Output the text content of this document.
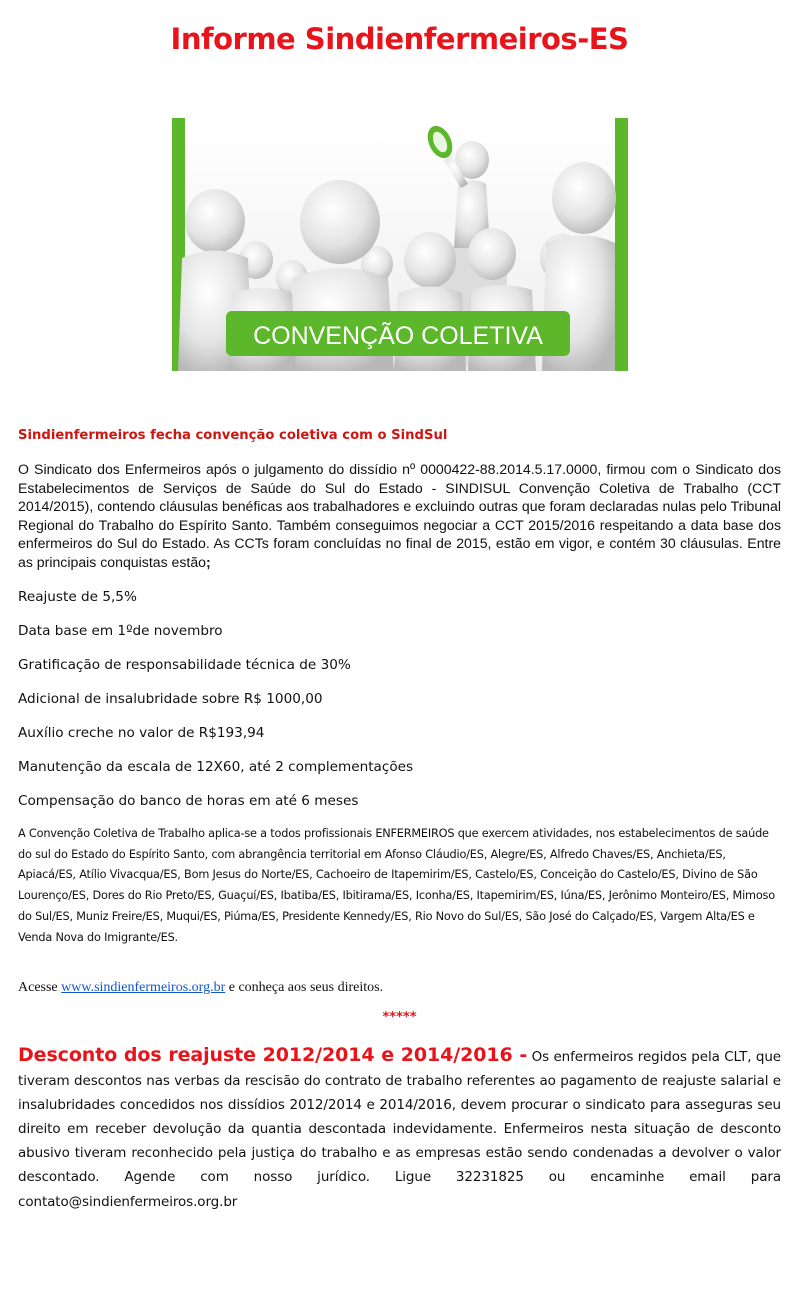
Informe Sindienfermeiros-ES
CONVENÇÃO COLETIVA
Sindienfermeiros fecha convenção coletiva com o SindSul
O Sindicato dos Enfermeiros após o julgamento do dissídio nº 0000422-88.2014.5.17.0000, firmou com o Sindicato dos Estabelecimentos de Serviços de Saúde do Sul do Estado - SINDISUL Convenção Coletiva de Trabalho (CCT 2014/2015), contendo cláusulas benéficas aos trabalhadores e excluindo outras que foram declaradas nulas pelo Tribunal Regional do Trabalho do Espírito Santo. Também conseguimos negociar a CCT 2015/2016 respeitando a data base dos enfermeiros do Sul do Estado. As CCTs foram concluídas no final de 2015, estão em vigor, e contém 30 cláusulas. Entre as principais conquistas estão;
Reajuste de 5,5%
Data base em 1ºde novembro
Gratificação de responsabilidade técnica de 30%
Adicional de insalubridade sobre R$ 1000,00
Auxílio creche no valor de R$193,94
Manutenção da escala de 12X60, até 2 complementações
Compensação do banco de horas em até 6 meses
A Convenção Coletiva de Trabalho aplica-se a todos profissionais ENFERMEIROS que exercem atividades, nos estabelecimentos de saúde do sul do Estado do Espírito Santo, com abrangência territorial em Afonso Cláudio/ES, Alegre/ES, Alfredo Chaves/ES, Anchieta/ES, Apiacá/ES, Atílio Vivacqua/ES, Bom Jesus do Norte/ES, Cachoeiro de Itapemirim/ES, Castelo/ES, Conceição do Castelo/ES, Divino de São Lourenço/ES, Dores do Rio Preto/ES, Guaçuí/ES, Ibatiba/ES, Ibitirama/ES, Iconha/ES, Itapemirim/ES, Iúna/ES, Jerônimo Monteiro/ES, Mimoso do Sul/ES, Muniz Freire/ES, Muqui/ES, Piúma/ES, Presidente Kennedy/ES, Rio Novo do Sul/ES, São José do Calçado/ES, Vargem Alta/ES e Venda Nova do Imigrante/ES.
Acesse www.sindienfermeiros.org.br e conheça aos seus direitos.
*****
Desconto dos reajuste 2012/2014 e 2014/2016 - Os enfermeiros regidos pela CLT, que tiveram descontos nas verbas da rescisão do contrato de trabalho referentes ao pagamento de reajuste salarial e insalubridades concedidos nos dissídios 2012/2014 e 2014/2016, devem procurar o sindicato para asseguras seu direito em receber devolução da quantia descontada indevidamente. Enfermeiros nesta situação de desconto abusivo tiveram reconhecido pela justiça do trabalho e as empresas estão sendo condenadas a devolver o valor descontado. Agende com nosso jurídico. Ligue 32231825 ou encaminhe email para contato@sindienfermeiros.org.br
